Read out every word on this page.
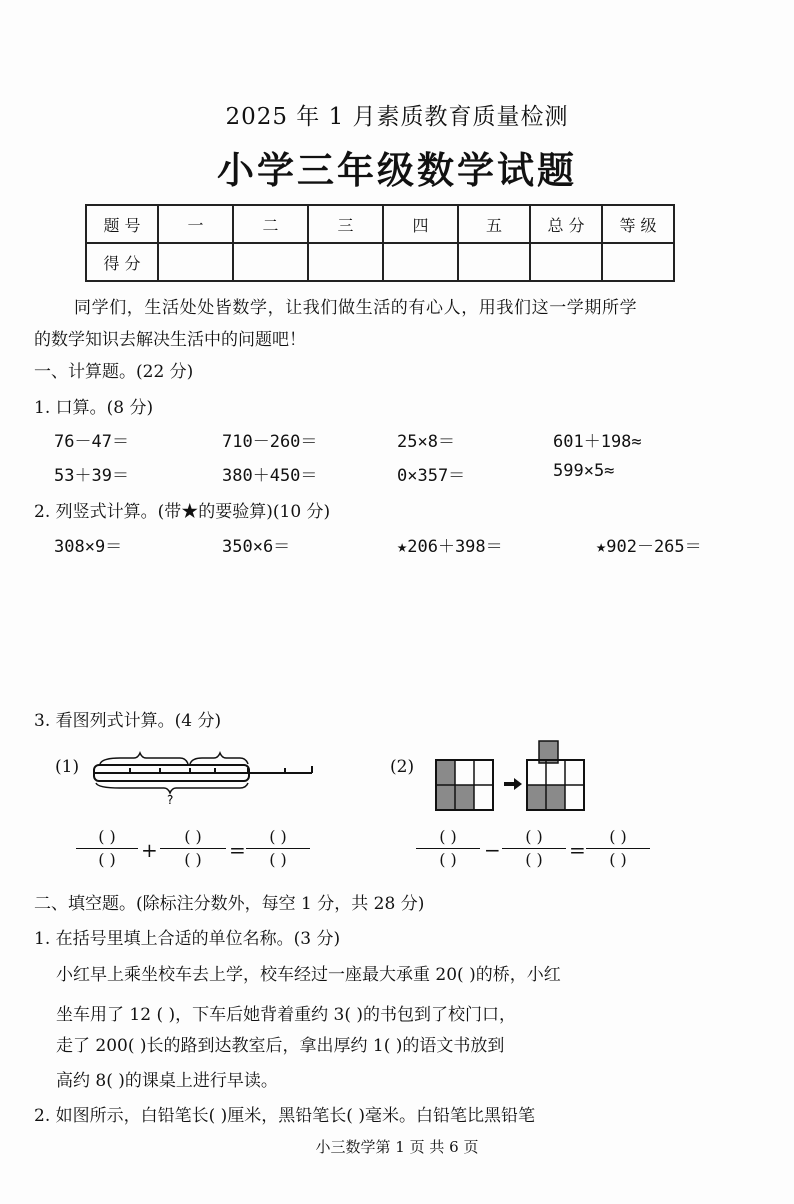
2025 年 1 月素质教育质量检测
小学三年级数学试题
题 号	一	二	三	四	五	总 分	等 级
得 分							
同学们，生活处处皆数学，让我们做生活的有心人，用我们这一学期所学
的数学知识去解决生活中的问题吧！
一、计算题。(22 分)
1. 口算。(8 分)
76－47＝	710－260＝	25×8＝	601＋198≈
53＋39＝	380＋450＝	0×357＝	599×5≈
2. 列竖式计算。(带★的要验算)(10 分)
308×9＝	350×6＝	★206＋398＝	★902－265＝
3. 看图列式计算。(4 分)
(1)
?
(2)
( )
( )	+
( )
( )	=
( )
( )
( )
( )	−
( )
( )	=
( )
( )
二、填空题。(除标注分数外，每空 1 分，共 28 分)
1. 在括号里填上合适的单位名称。(3 分)
小红早上乘坐校车去上学，校车经过一座最大承重 20( )的桥，小红
坐车用了 12 ( )，下车后她背着重约 3( )的书包到了校门口，
走了 200( )长的路到达教室后，拿出厚约 1( )的语文书放到
高约 8( )的课桌上进行早读。
2. 如图所示，白铅笔长( )厘米，黑铅笔长( )毫米。白铅笔比黑铅笔
小三数学第 1 页 共 6 页
